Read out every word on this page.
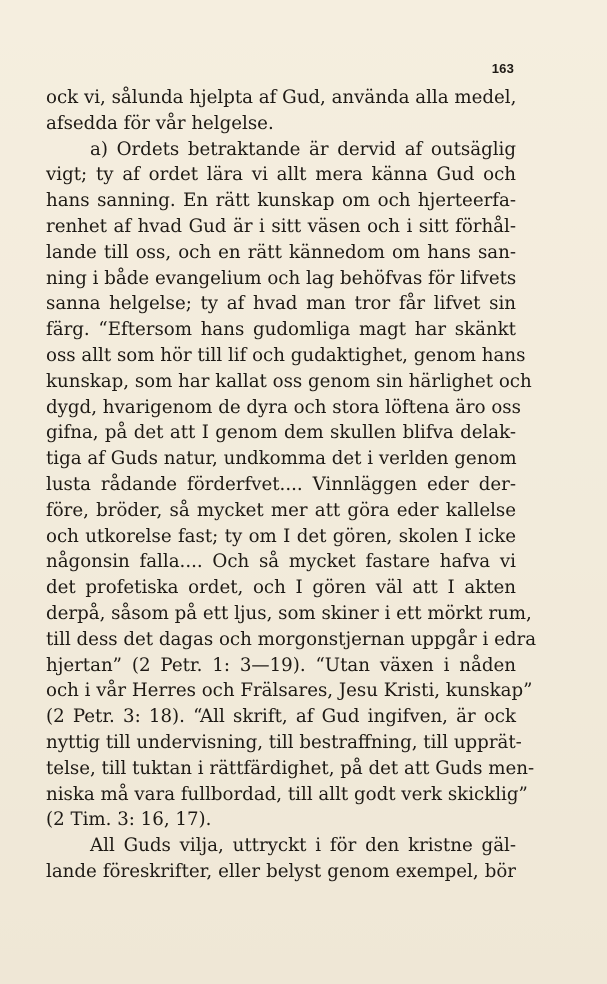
163
ock vi, sålunda hjelpta af Gud, använda alla medel,
afsedda för vår helgelse.
a) Ordets betraktande är dervid af outsäglig
vigt; ty af ordet lära vi allt mera känna Gud och
hans sanning. En rätt kunskap om och hjerteerfa-
renhet af hvad Gud är i sitt väsen och i sitt förhål-
lande till oss, och en rätt kännedom om hans san-
ning i både evangelium och lag behöfvas för lifvets
sanna helgelse; ty af hvad man tror får lifvet sin
färg. “Eftersom hans gudomliga magt har skänkt
oss allt som hör till lif och gudaktighet, genom hans
kunskap, som har kallat oss genom sin härlighet och
dygd, hvarigenom de dyra och stora löftena äro oss
gifna, på det att I genom dem skullen blifva delak-
tiga af Guds natur, undkomma det i verlden genom
lusta rådande förderfvet.... Vinnläggen eder der-
före, bröder, så mycket mer att göra eder kallelse
och utkorelse fast; ty om I det gören, skolen I icke
någonsin falla.... Och så mycket fastare hafva vi
det profetiska ordet, och I gören väl att I akten
derpå, såsom på ett ljus, som skiner i ett mörkt rum,
till dess det dagas och morgonstjernan uppgår i edra
hjertan” (2 Petr. 1: 3—19). “Utan växen i nåden
och i vår Herres och Frälsares, Jesu Kristi, kunskap”
(2 Petr. 3: 18). “All skrift, af Gud ingifven, är ock
nyttig till undervisning, till bestraffning, till upprät-
telse, till tuktan i rättfärdighet, på det att Guds men-
niska må vara fullbordad, till allt godt verk skicklig”
(2 Tim. 3: 16, 17).
All Guds vilja, uttryckt i för den kristne gäl-
lande föreskrifter, eller belyst genom exempel, bör
